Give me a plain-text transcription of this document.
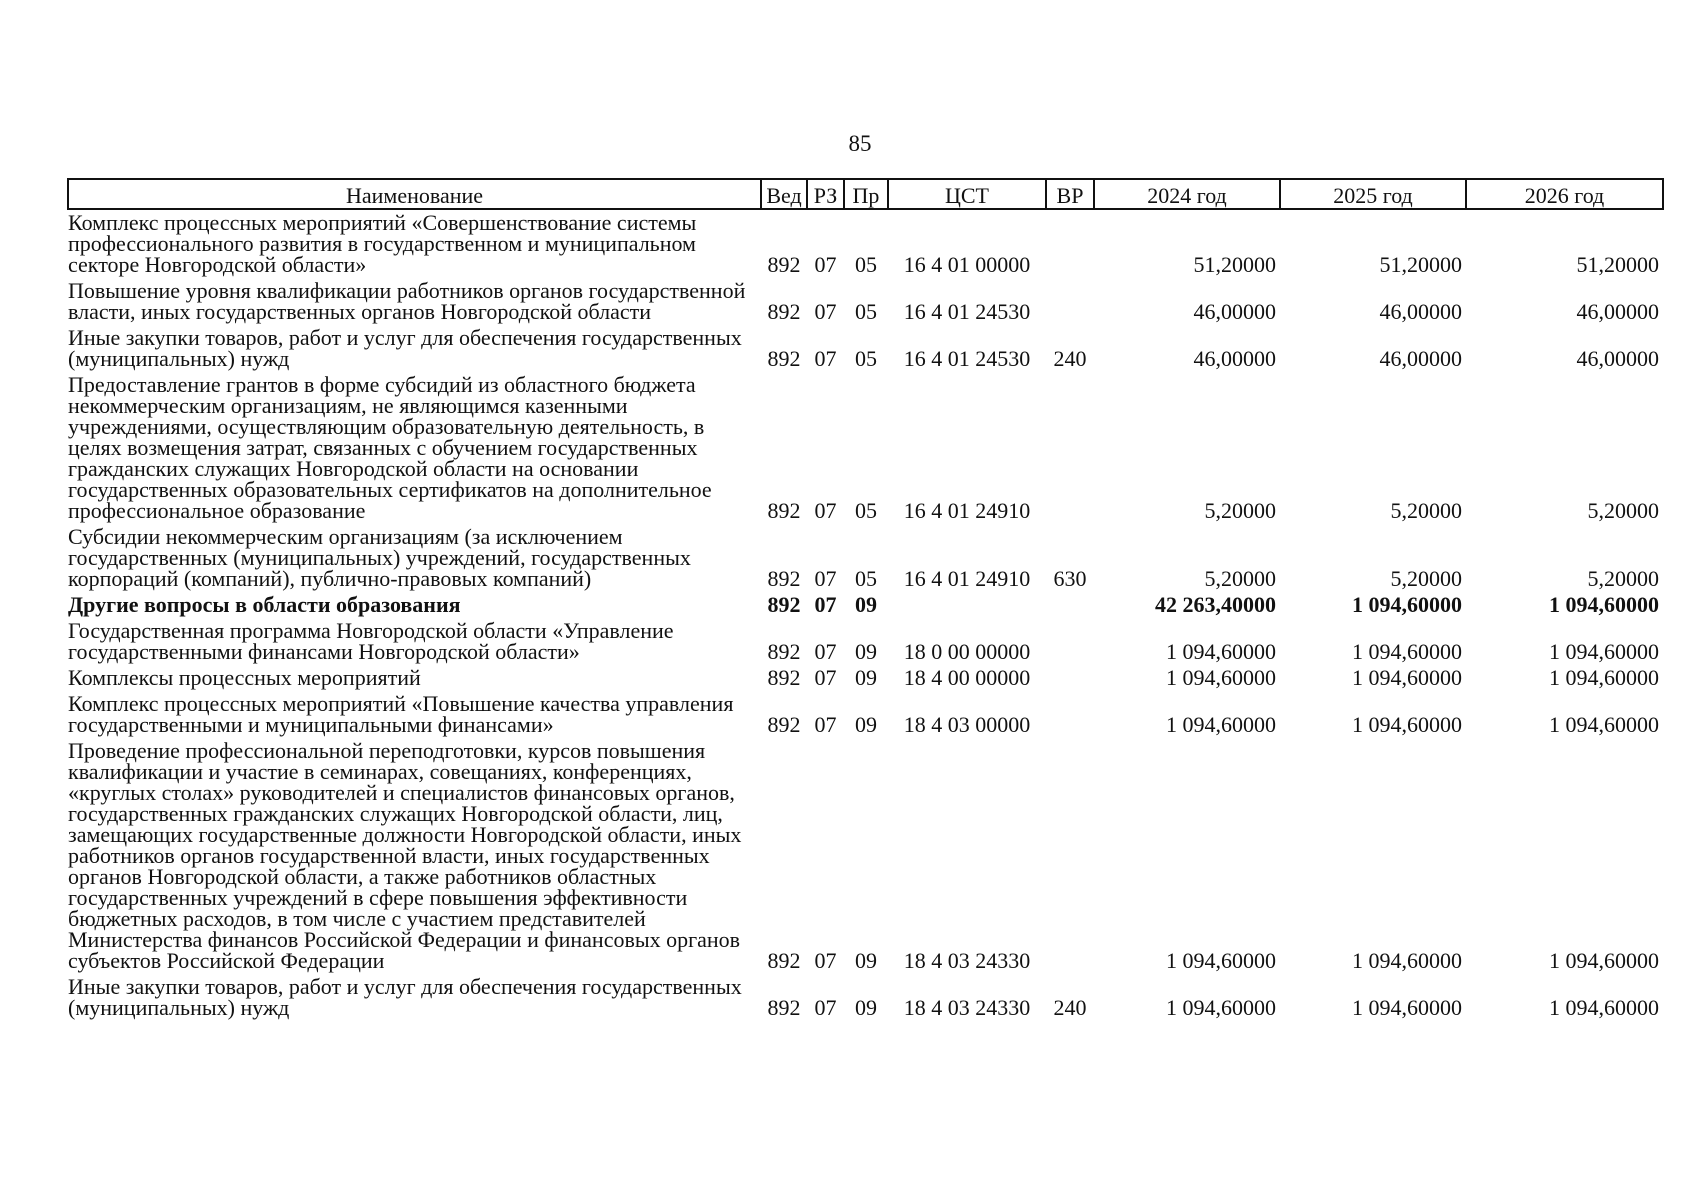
85
Наименование	Вед	РЗ	Пр	ЦСТ	ВР	2024 год	2025 год	2026 год
Комплекс процессных мероприятий «Совершенствование системы профессионального развития в государственном и муниципальном секторе Новгородской области»	892	07	05	16 4 01 00000		51,20000	51,20000	51,20000
Повышение уровня квалификации работников органов государственной власти, иных государственных органов Новгородской области	892	07	05	16 4 01 24530		46,00000	46,00000	46,00000
Иные закупки товаров, работ и услуг для обеспечения государственных (муниципальных) нужд	892	07	05	16 4 01 24530	240	46,00000	46,00000	46,00000
Предоставление грантов в форме субсидий из областного бюджета некоммерческим организациям, не являющимся казенными учреждениями, осуществляющим образовательную деятельность, в целях возмещения затрат, связанных с обучением государственных гражданских служащих Новгородской области на основании государственных образовательных сертификатов на дополнительное профессиональное образование	892	07	05	16 4 01 24910		5,20000	5,20000	5,20000
Субсидии некоммерческим организациям (за исключением государственных (муниципальных) учреждений, государственных корпораций (компаний), публично-правовых компаний)	892	07	05	16 4 01 24910	630	5,20000	5,20000	5,20000
Другие вопросы в области образования	892	07	09			42 263,40000	1 094,60000	1 094,60000
Государственная программа Новгородской области «Управление государственными финансами Новгородской области»	892	07	09	18 0 00 00000		1 094,60000	1 094,60000	1 094,60000
Комплексы процессных мероприятий	892	07	09	18 4 00 00000		1 094,60000	1 094,60000	1 094,60000
Комплекс процессных мероприятий «Повышение качества управления государственными и муниципальными финансами»	892	07	09	18 4 03 00000		1 094,60000	1 094,60000	1 094,60000
Проведение профессиональной переподготовки, курсов повышения квалификации и участие в семинарах, совещаниях, конференциях, «круглых столах» руководителей и специалистов финансовых органов, государственных гражданских служащих Новгородской области, лиц, замещающих государственные должности Новгородской области, иных работников органов государственной власти, иных государственных органов Новгородской области, а также работников областных государственных учреждений в сфере повышения эффективности бюджетных расходов, в том числе с участием представителей Министерства финансов Российской Федерации и финансовых органов субъектов Российской Федерации	892	07	09	18 4 03 24330		1 094,60000	1 094,60000	1 094,60000
Иные закупки товаров, работ и услуг для обеспечения государственных (муниципальных) нужд	892	07	09	18 4 03 24330	240	1 094,60000	1 094,60000	1 094,60000
